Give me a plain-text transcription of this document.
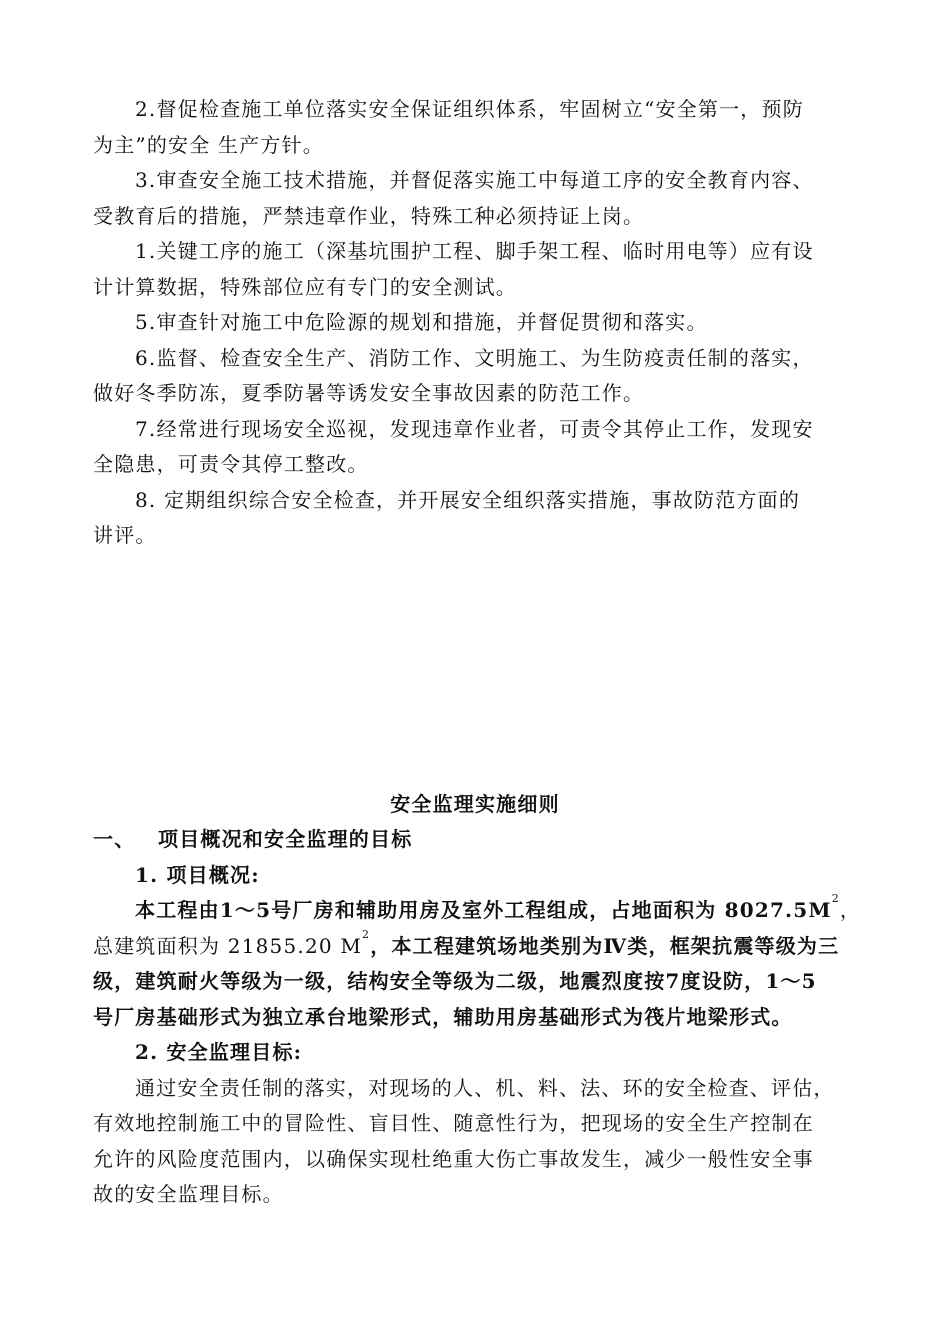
2.督促检查施工单位落实安全保证组织体系，牢固树立“安全第一，预防
为主”的安全 生产方针。

3.审查安全施工技术措施，并督促落实施工中每道工序的安全教育内容、
受教育后的措施，严禁违章作业，特殊工种必须持证上岗。

1.关键工序的施工（深基坑围护工程、脚手架工程、临时用电等）应有设
计计算数据，特殊部位应有专门的安全测试。

5.审查针对施工中危险源的规划和措施，并督促贯彻和落实。

6.监督、检查安全生产、消防工作、文明施工、为生防疫责任制的落实，
做好冬季防冻，夏季防暑等诱发安全事故因素的防范工作。

7.经常进行现场安全巡视，发现违章作业者，可责令其停止工作，发现安
全隐患，可责令其停工整改。

8. 定期组织综合安全检查，并开展安全组织落实措施，事故防范方面的
讲评。

安全监理实施细则

一、	项目概况和安全监理的目标

1. 项目概况:

本工程由1～5号厂房和辅助用房及室外工程组成，占地面积为 $8027.5M^2$，
总建筑面积为 21855.20 $M^2$，本工程建筑场地类别为Ⅳ类，框架抗震等级为三
级，建筑耐火等级为一级，结构安全等级为二级，地震烈度按7度设防，1～5
号厂房基础形式为独立承台地梁形式，辅助用房基础形式为筏片地梁形式。

2. 安全监理目标:

通过安全责任制的落实，对现场的人、机、料、法、环的安全检查、评估，
有效地控制施工中的冒险性、盲目性、随意性行为，把现场的安全生产控制在
允许的风险度范围内，以确保实现杜绝重大伤亡事故发生，减少一般性安全事
故的安全监理目标。
